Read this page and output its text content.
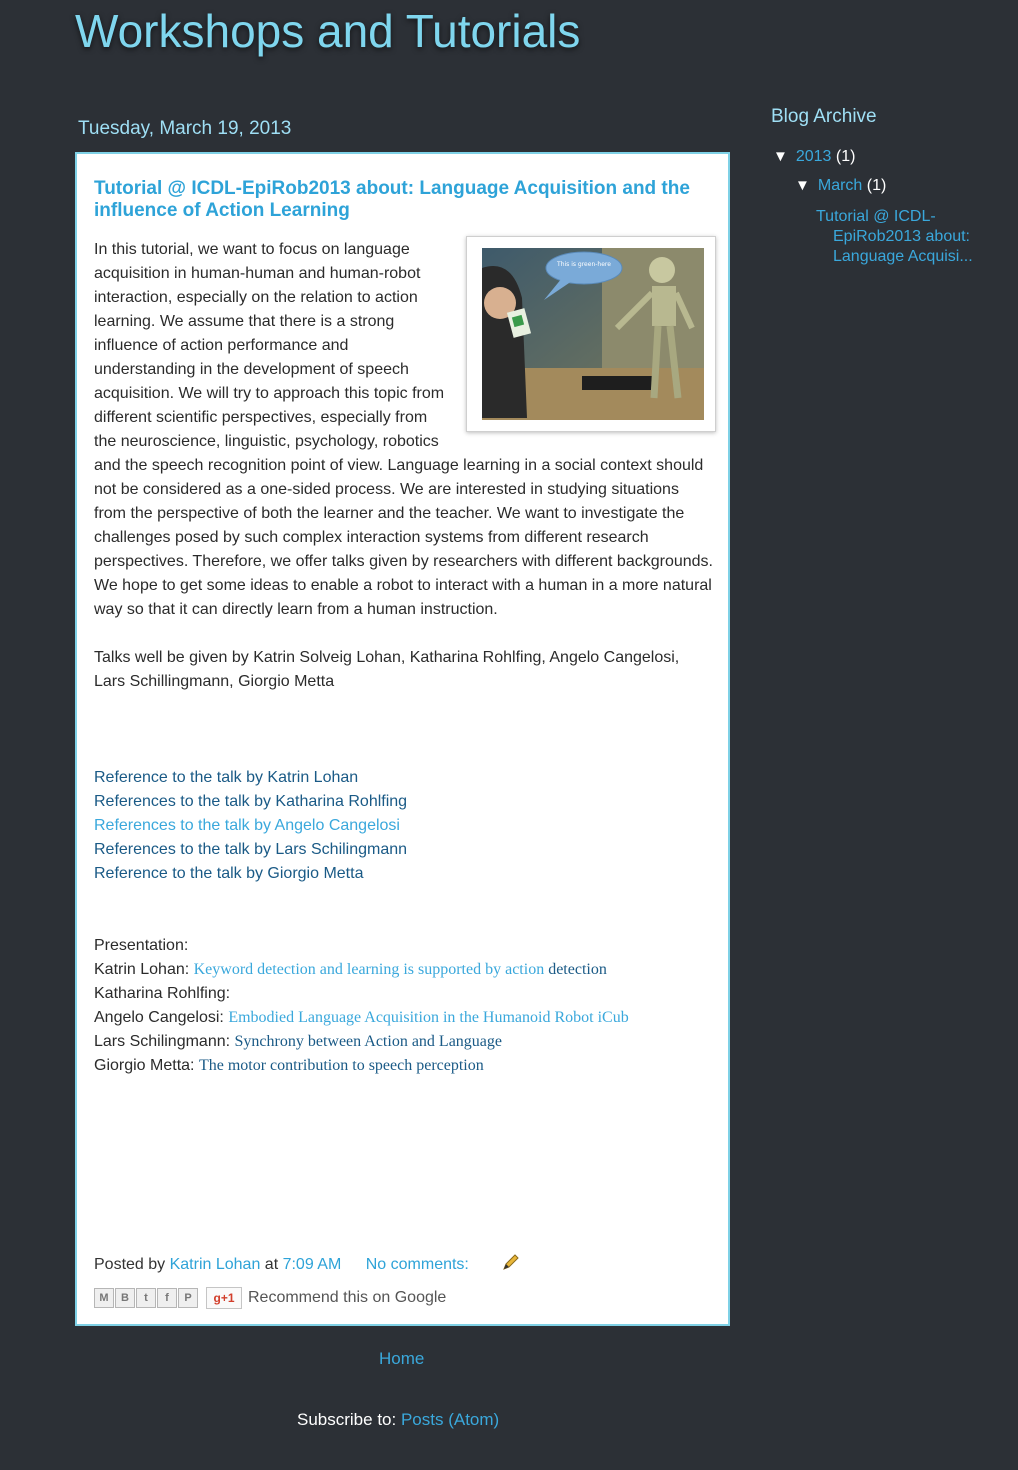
Workshops and Tutorials
Tuesday, March 19, 2013
Tutorial @ ICDL-EpiRob2013 about: Language Acquisition and the influence of Action Learning
This is green-here

In this tutorial, we want to focus on language acquisition in human-human and human-robot interaction, especially on the relation to action learning. We assume that there is a strong influence of action performance and understanding in the development of speech acquisition. We will try to approach this topic from different scientific perspectives, especially from the neuroscience, linguistic, psychology, robotics and the speech recognition point of view. Language learning in a social context should not be considered as a one-sided process. We are interested in studying situations from the perspective of both the learner and the teacher. We want to investigate the challenges posed by such complex interaction systems from different research perspectives. Therefore, we offer talks given by researchers with different backgrounds. We hope to get some ideas to enable a robot to interact with a human in a more natural way so that it can directly learn from a human instruction.

Talks well be given by Katrin Solveig Lohan, Katharina Rohlfing, Angelo Cangelosi, Lars Schillingmann, Giorgio Metta

Reference to the talk by Katrin Lohan
References to the talk by Katharina Rohlfing
References to the talk by Angelo Cangelosi
References to the talk by Lars Schilingmann
Reference to the talk by Giorgio Metta
Presentation:
Katrin Lohan: Keyword detection and learning is supported by action detection
Katharina Rohlfing:
Angelo Cangelosi: Embodied Language Acquisition in the Humanoid Robot iCub
Lars Schilingmann: Synchrony between Action and Language
Giorgio Metta: The motor contribution to speech perception
Posted by Katrin Lohan at 7:09 AM No comments:
M	B	t	f	P	g+1 Recommend this on Google
Home
Subscribe to: Posts (Atom)
Blog Archive
▼ 2013 (1)
▼ March (1)
Tutorial @ ICDL-EpiRob2013 about: Language Acquisi...
